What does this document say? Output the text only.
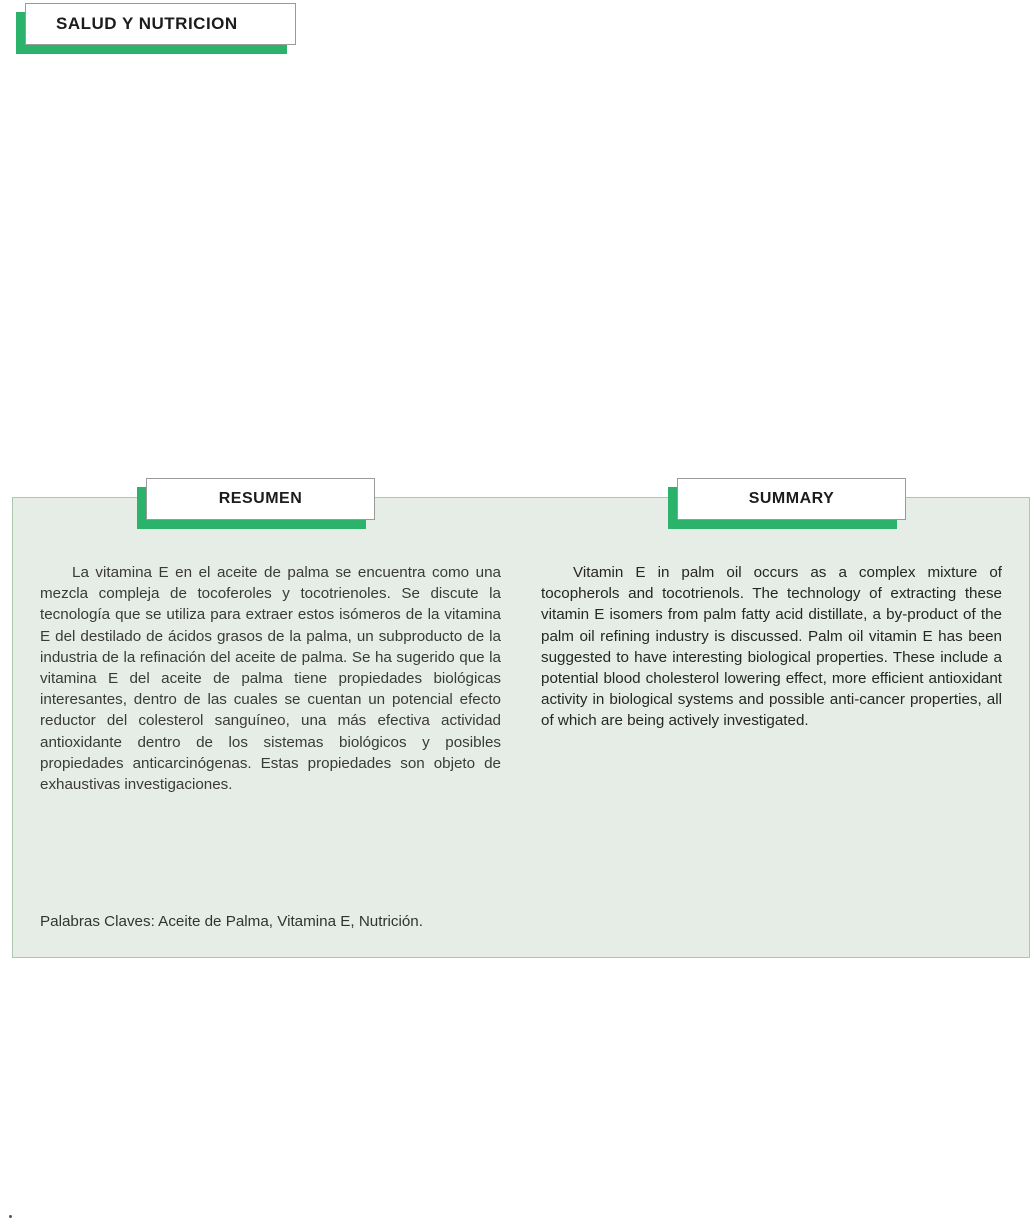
SALUD Y NUTRICION
RESUMEN	SUMMARY

La vitamina E en el aceite de palma se encuentra como una mezcla compleja de tocoferoles y tocotrienoles. Se discute la tecnología que se utiliza para extraer estos isómeros de la vitamina E del destilado de ácidos grasos de la palma, un subproducto de la industria de la refinación del aceite de palma. Se ha sugerido que la vitamina E del aceite de palma tiene propiedades biológicas interesantes, dentro de las cuales se cuentan un potencial efecto reductor del colesterol sanguíneo, una más efectiva actividad antioxidante dentro de los sistemas biológicos y posibles propiedades anticarcinógenas. Estas propiedades son objeto de exhaustivas investigaciones.

Vitamin E in palm oil occurs as a complex mixture of tocopherols and tocotrienols. The technology of extracting these vitamin E isomers from palm fatty acid distillate, a by-product of the palm oil refining industry is discussed. Palm oil vitamin E has been suggested to have interesting biological properties. These include a potential blood cholesterol lowering effect, more efficient antioxidant activity in biological systems and possible anti-cancer properties, all of which are being actively investigated.

Palabras Claves: Aceite de Palma, Vitamina E, Nutrición.
